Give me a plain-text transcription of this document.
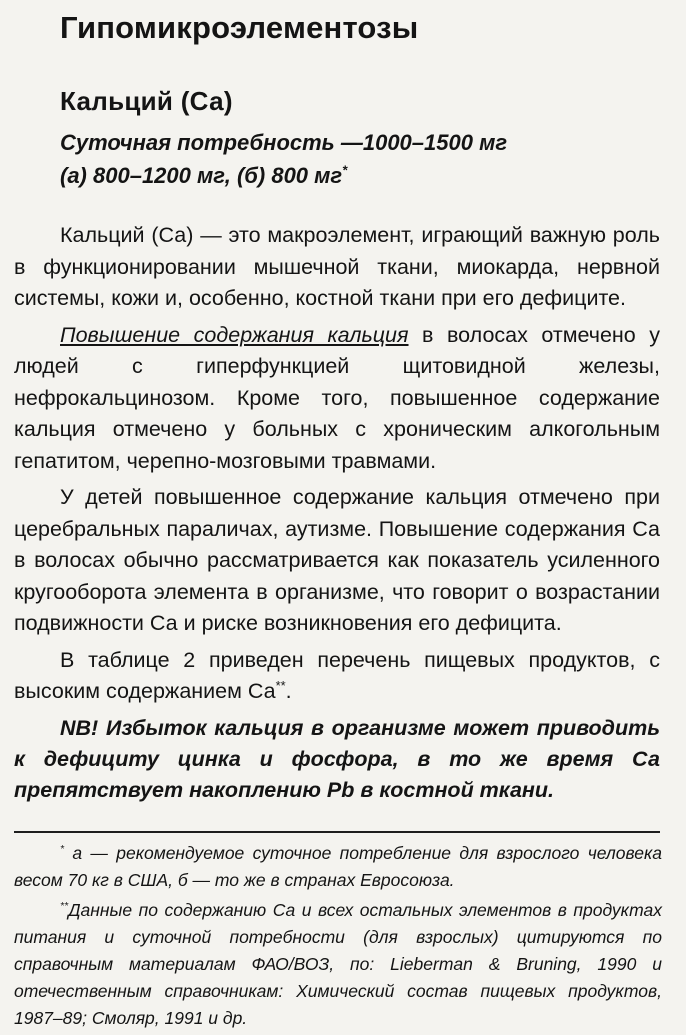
Гипомикроэлементозы
Кальций (Са)
Суточная потребность —1000–1500 мг
(а) 800–1200 мг, (б) 800 мг*

Кальций (Са) — это макроэлемент, играющий важную роль в функционировании мышечной ткани, миокарда, нервной системы, кожи и, особенно, костной ткани при его дефиците.

Повышение содержания кальция в волосах отмечено у людей с гиперфункцией щитовидной железы, нефрокальцинозом. Кроме того, повышенное содержание кальция отмечено у больных с хроническим алкогольным гепатитом, черепно-мозговыми травмами.

У детей повышенное содержание кальция отмечено при церебральных параличах, аутизме. Повышение содержания Са в волосах обычно рассматривается как показатель усиленного кругооборота элемента в организме, что говорит о возрастании подвижности Са и риске возникновения его дефицита.

В таблице 2 приведен перечень пищевых продуктов, с высоким содержанием Са**.

NB! Избыток кальция в организме может приводить к дефициту цинка и фосфора, в то же время Са препятствует накоплению Pb в костной ткани.

* а — рекомендуемое суточное потребление для взрослого человека весом 70 кг в США, б — то же в странах Евросоюза.

**Данные по содержанию Са и всех остальных элементов в продуктах питания и суточной потребности (для взрослых) цитируются по справочным материалам ФАО/ВОЗ, по: Lieberman & Bruning, 1990 и отечественным справочникам: Химический состав пищевых продуктов, 1987–89; Смоляр, 1991 и др.
